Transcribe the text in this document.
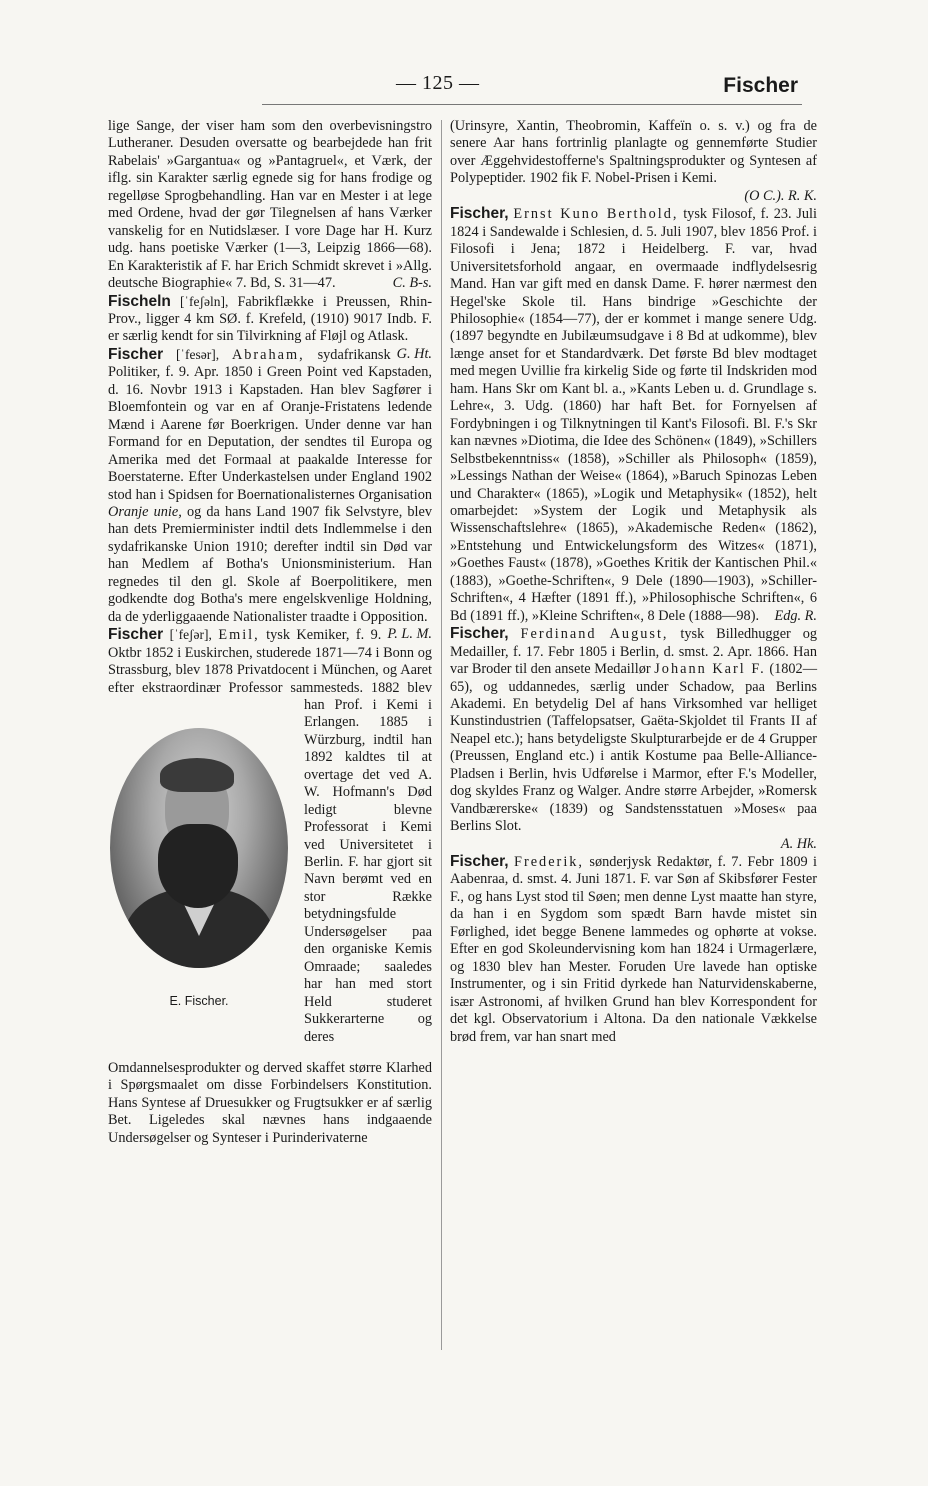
— 125 —	Fischer

lige Sange, der viser ham som den overbevisningstro Lutheraner. Desuden oversatte og bearbejdede han frit Rabelais' »Gargantua« og »Pantagruel«, et Værk, der iflg. sin Karakter særlig egnede sig for hans frodige og regelløse Sprogbehandling. Han var en Mester i at lege med Ordene, hvad der gør Tilegnelsen af hans Værker vanskelig for en Nutidslæser. I vore Dage har H. Kurz udg. hans poetiske Værker (1—3, Leipzig 1866—68). En Karakteristik af F. har Erich Schmidt skrevet i »Allg. deutsche Biographie« 7. Bd, S. 31—47.	C. B-s.

Fischeln [ˈfeʃəln], Fabrikflække i Preussen, Rhin-Prov., ligger 4 km SØ. f. Krefeld, (1910) 9017 Indb. F. er særlig kendt for sin Tilvirkning af Fløjl og Atlask.
G. Ht.

Fischer [ˈfesər], Abraham, sydafrikansk Politiker, f. 9. Apr. 1850 i Green Point ved Kapstaden, d. 16. Novbr 1913 i Kapstaden. Han blev Sagfører i Bloemfontein og var en af Oranje-Fristatens ledende Mænd i Aarene før Boerkrigen. Under denne var han Formand for en Deputation, der sendtes til Europa og Amerika med det Formaal at paakalde Interesse for Boerstaterne. Efter Underkastelsen under England 1902 stod han i Spidsen for Boernationalisternes Organisation Oranje unie, og da hans Land 1907 fik Selvstyre, blev han dets Premierminister indtil dets Indlemmelse i den sydafrikanske Union 1910; derefter indtil sin Død var han Medlem af Botha's Unionsministerium. Han regnedes til den gl. Skole af Boerpolitikere, men godkendte dog Botha's mere engelskvenlige Holdning, da de yderliggaaende Nationalister traadte i Opposition.
P. L. M.

Fischer [ˈfeʃər], Emil, tysk Kemiker, f. 9. Oktbr 1852 i Euskirchen, studerede 1871—74 i Bonn og Strassburg, blev 1878 Privatdocent i München, og Aaret efter ekstraordinær Professor sammesteds.
E. Fischer.
1882 blev han Prof. i Kemi i Erlangen. 1885 i Würzburg, indtil han 1892 kaldtes til at overtage det ved A. W. Hofmann's Død ledigt blevne Professorat i Kemi ved Universitetet i Berlin. F. har gjort sit Navn berømt ved en stor Række betydningsfulde Undersøgelser paa den organiske Kemis Omraade; saaledes har han med stort Held studeret Sukkerarterne og deres Omdannelsesprodukter og derved skaffet større Klarhed i Spørgsmaalet om disse Forbindelsers Konstitution. Hans Syntese af Druesukker og Frugtsukker er af særlig Bet. Ligeledes skal nævnes hans indgaaende Undersøgelser og Synteser i Purinderivaterne

(Urinsyre, Xantin, Theobromin, Kaffeïn o. s. v.) og fra de senere Aar hans fortrinlig planlagte og gennemførte Studier over Æggehvidestofferne's Spaltningsprodukter og Syntesen af Polypeptider. 1902 fik F. Nobel-Prisen i Kemi.

(O C.). R. K.

Fischer, Ernst Kuno Berthold, tysk Filosof, f. 23. Juli 1824 i Sandewalde i Schlesien, d. 5. Juli 1907, blev 1856 Prof. i Filosofi i Jena; 1872 i Heidelberg. F. var, hvad Universitetsforhold angaar, en overmaade indflydelsesrig Mand. Han var gift med en dansk Dame. F. hører nærmest den Hegel'ske Skole til. Hans bindrige »Geschichte der Philosophie« (1854—77), der er kommet i mange senere Udg. (1897 begyndte en Jubilæumsudgave i 8 Bd at udkomme), blev længe anset for et Standardværk. Det første Bd blev modtaget med megen Uvillie fra kirkelig Side og førte til Indskriden mod ham. Hans Skr om Kant bl. a., »Kants Leben u. d. Grundlage s. Lehre«, 3. Udg. (1860) har haft Bet. for Fornyelsen af Fordybningen i og Tilknytningen til Kant's Filosofi. Bl. F.'s Skr kan nævnes »Diotima, die Idee des Schönen« (1849), »Schillers Selbstbekenntniss« (1858), »Schiller als Philosoph« (1859), »Lessings Nathan der Weise« (1864), »Baruch Spinozas Leben und Charakter« (1865), »Logik und Metaphysik« (1852), helt omarbejdet: »System der Logik und Metaphysik als Wissenschaftslehre« (1865), »Akademische Reden« (1862), »Entstehung und Entwickelungsform des Witzes« (1871), »Goethes Faust« (1878), »Goethes Kritik der Kantischen Phil.« (1883), »Goethe-Schriften«, 9 Dele (1890—1903), »Schiller-Schriften«, 4 Hæfter (1891 ff.), »Philosophische Schriften«, 6 Bd (1891 ff.), »Kleine Schriften«, 8 Dele (1888—98).	Edg. R.

Fischer, Ferdinand August, tysk Billedhugger og Medailler, f. 17. Febr 1805 i Berlin, d. smst. 2. Apr. 1866. Han var Broder til den ansete Medaillør Johann Karl F. (1802—65), og uddannedes, særlig under Schadow, paa Berlins Akademi. En betydelig Del af hans Virksomhed var helliget Kunstindustrien (Taffelopsatser, Gaëta-Skjoldet til Frants II af Neapel etc.); hans betydeligste Skulpturarbejde er de 4 Grupper (Preussen, England etc.) i antik Kostume paa Belle-Alliance-Pladsen i Berlin, hvis Udførelse i Marmor, efter F.'s Modeller, dog skyldes Franz og Walger. Andre større Arbejder, »Romersk Vandbærerske« (1839) og Sandstensstatuen »Moses« paa Berlins Slot.

A. Hk.

Fischer, Frederik, sønderjysk Redaktør, f. 7. Febr 1809 i Aabenraa, d. smst. 4. Juni 1871. F. var Søn af Skibsfører Fester F., og hans Lyst stod til Søen; men denne Lyst maatte han styre, da han i en Sygdom som spædt Barn havde mistet sin Førlighed, idet begge Benene lammedes og ophørte at vokse. Efter en god Skoleundervisning kom han 1824 i Urmagerlære, og 1830 blev han Mester. Foruden Ure lavede han optiske Instrumenter, og i sin Fritid dyrkede han Naturvidenskaberne, især Astronomi, af hvilken Grund han blev Korrespondent for det kgl. Observatorium i Altona. Da den nationale Vækkelse brød frem, var han snart med
